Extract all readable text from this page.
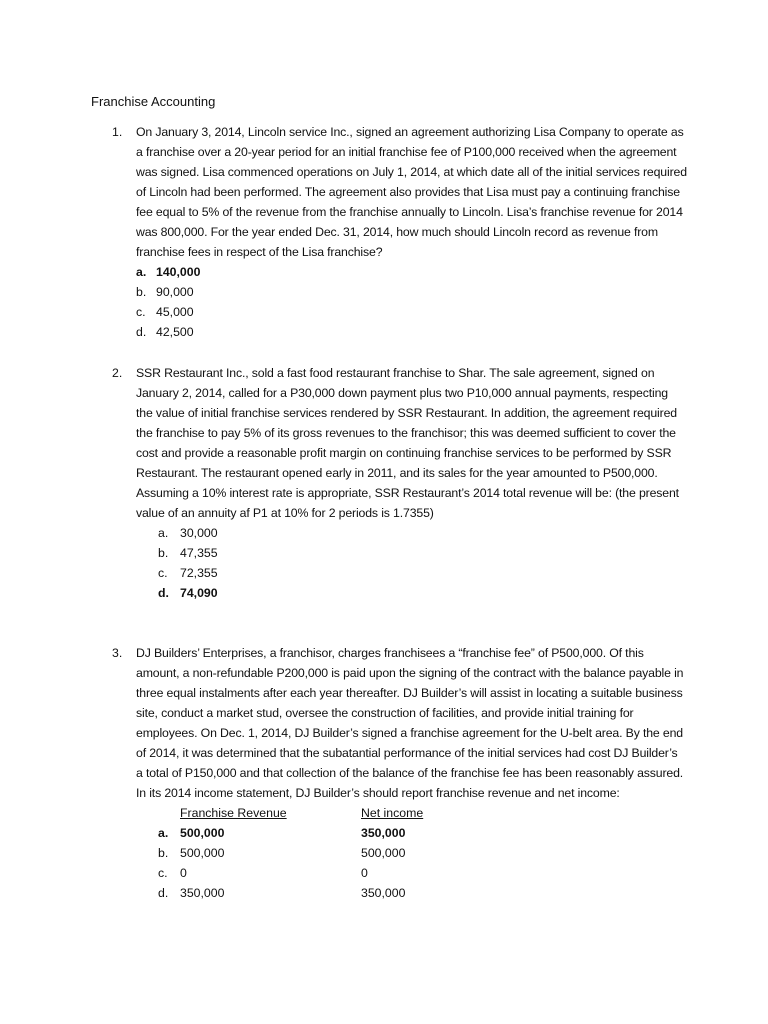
Franchise Accounting
1.	On January 3, 2014, Lincoln service Inc., signed an agreement authorizing Lisa Company to operate as a franchise over a 20-year period for an initial franchise fee of P100,000 received when the agreement was signed. Lisa commenced operations on July 1, 2014, at which date all of the initial services required of Lincoln had been performed. The agreement also provides that Lisa must pay a continuing franchise fee equal to 5% of the revenue from the franchise annually to Lincoln. Lisa’s franchise revenue for 2014 was 800,000. For the year ended Dec. 31, 2014, how much should Lincoln record as revenue from franchise fees in respect of the Lisa franchise?
a. 140,000
b. 90,000
c. 45,000
d. 42,500
2.	SSR Restaurant Inc., sold a fast food restaurant franchise to Shar. The sale agreement, signed on January 2, 2014, called for a P30,000 down payment plus two P10,000 annual payments, respecting the value of initial franchise services rendered by SSR Restaurant. In addition, the agreement required the franchise to pay 5% of its gross revenues to the franchisor; this was deemed sufficient to cover the cost and provide a reasonable profit margin on continuing franchise services to be performed by SSR Restaurant. The restaurant opened early in 2011, and its sales for the year amounted to P500,000. Assuming a 10% interest rate is appropriate, SSR Restaurant’s 2014 total revenue will be: (the present value of an annuity af P1 at 10% for 2 periods is 1.7355)
a. 30,000
b. 47,355
c. 72,355
d. 74,090
3.	DJ Builders’ Enterprises, a franchisor, charges franchisees a “franchise fee” of P500,000. Of this amount, a non-refundable P200,000 is paid upon the signing of the contract with the balance payable in three equal instalments after each year thereafter. DJ Builder’s will assist in locating a suitable business site, conduct a market stud, oversee the construction of facilities, and provide initial training for employees. On Dec. 1, 2014, DJ Builder’s signed a franchise agreement for the U-belt area. By the end of 2014, it was determined that the subatantial performance of the initial services had cost DJ Builder’s a total of P150,000 and that collection of the balance of the franchise fee has been reasonably assured. In its 2014 income statement, DJ Builder’s should report franchise revenue and net income:
Franchise Revenue	Net income
a. 500,000	350,000
b. 500,000	500,000
c. 0	0
d. 350,000	350,000
